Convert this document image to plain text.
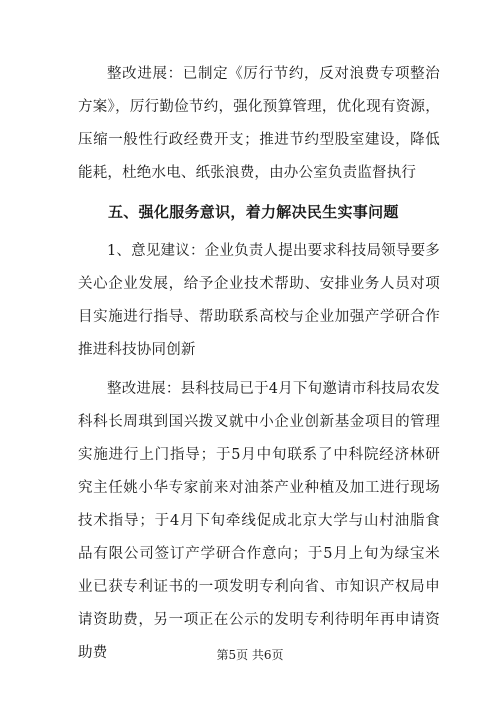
整改进展：已制定《厉行节约，反对浪费专项整治方案》，厉行勤俭节约，强化预算管理，优化现有资源，压缩一般性行政经费开支；推进节约型股室建设，降低能耗，杜绝水电、纸张浪费，由办公室负责监督执行

五、强化服务意识，着力解决民生实事问题

1、意见建议：企业负责人提出要求科技局领导要多关心企业发展，给予企业技术帮助、安排业务人员对项目实施进行指导、帮助联系高校与企业加强产学研合作推进科技协同创新

整改进展：县科技局已于4月下旬邀请市科技局农发科科长周琪到国兴拨叉就中小企业创新基金项目的管理实施进行上门指导；于5月中旬联系了中科院经济林研究主任姚小华专家前来对油茶产业种植及加工进行现场技术指导；于4月下旬牵线促成北京大学与山村油脂食品有限公司签订产学研合作意向；于5月上旬为绿宝米业已获专利证书的一项发明专利向省、市知识产权局申请资助费，另一项正在公示的发明专利待明年再申请资助费	第5页 共6页
